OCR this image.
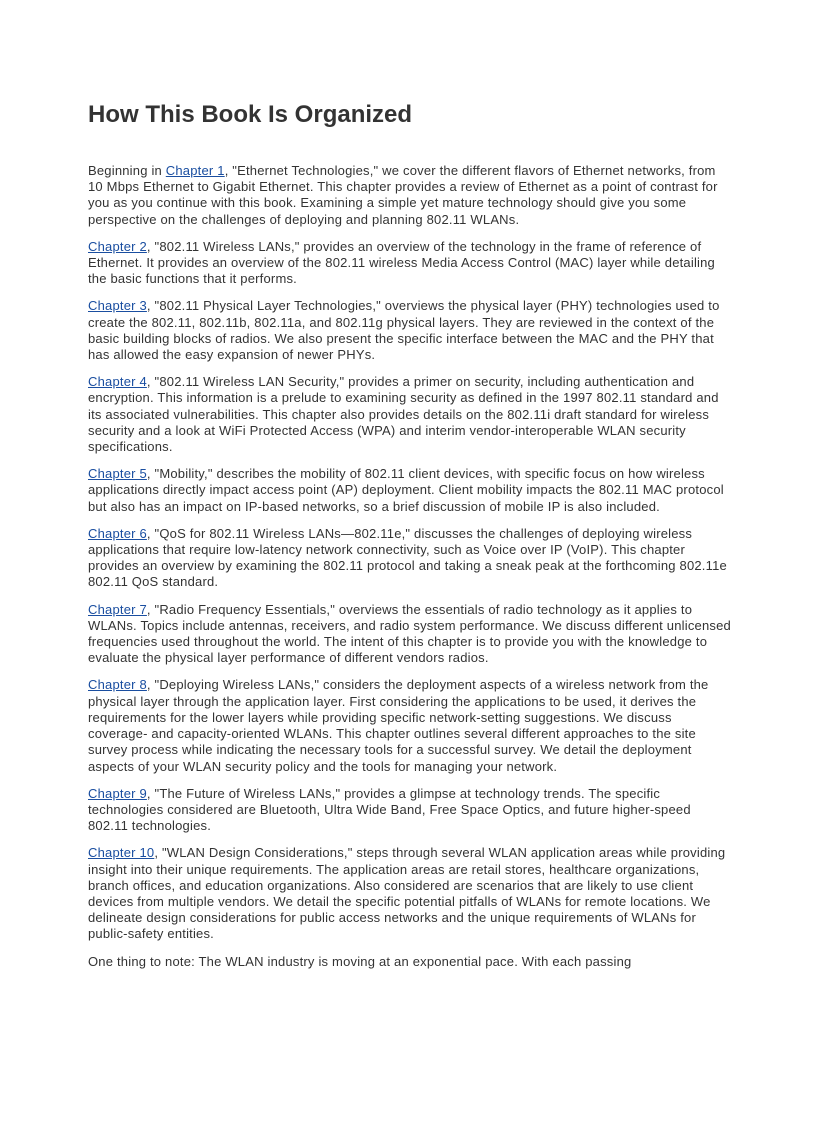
How This Book Is Organized

Beginning in Chapter 1, "Ethernet Technologies," we cover the different flavors of Ethernet networks, from 10 Mbps Ethernet to Gigabit Ethernet. This chapter provides a review of Ethernet as a point of contrast for you as you continue with this book. Examining a simple yet mature technology should give you some perspective on the challenges of deploying and planning 802.11 WLANs.

Chapter 2, "802.11 Wireless LANs," provides an overview of the technology in the frame of reference of Ethernet. It provides an overview of the 802.11 wireless Media Access Control (MAC) layer while detailing the basic functions that it performs.

Chapter 3, "802.11 Physical Layer Technologies," overviews the physical layer (PHY) technologies used to create the 802.11, 802.11b, 802.11a, and 802.11g physical layers. They are reviewed in the context of the basic building blocks of radios. We also present the specific interface between the MAC and the PHY that has allowed the easy expansion of newer PHYs.

Chapter 4, "802.11 Wireless LAN Security," provides a primer on security, including authentication and encryption. This information is a prelude to examining security as defined in the 1997 802.11 standard and its associated vulnerabilities. This chapter also provides details on the 802.11i draft standard for wireless security and a look at WiFi Protected Access (WPA) and interim vendor-interoperable WLAN security specifications.

Chapter 5, "Mobility," describes the mobility of 802.11 client devices, with specific focus on how wireless applications directly impact access point (AP) deployment. Client mobility impacts the 802.11 MAC protocol but also has an impact on IP-based networks, so a brief discussion of mobile IP is also included.

Chapter 6, "QoS for 802.11 Wireless LANs—802.11e," discusses the challenges of deploying wireless applications that require low-latency network connectivity, such as Voice over IP (VoIP). This chapter provides an overview by examining the 802.11 protocol and taking a sneak peak at the forthcoming 802.11e 802.11 QoS standard.

Chapter 7, "Radio Frequency Essentials," overviews the essentials of radio technology as it applies to WLANs. Topics include antennas, receivers, and radio system performance. We discuss different unlicensed frequencies used throughout the world. The intent of this chapter is to provide you with the knowledge to evaluate the physical layer performance of different vendors radios.

Chapter 8, "Deploying Wireless LANs," considers the deployment aspects of a wireless network from the physical layer through the application layer. First considering the applications to be used, it derives the requirements for the lower layers while providing specific network-setting suggestions. We discuss coverage- and capacity-oriented WLANs. This chapter outlines several different approaches to the site survey process while indicating the necessary tools for a successful survey. We detail the deployment aspects of your WLAN security policy and the tools for managing your network.

Chapter 9, "The Future of Wireless LANs," provides a glimpse at technology trends. The specific technologies considered are Bluetooth, Ultra Wide Band, Free Space Optics, and future higher-speed 802.11 technologies.

Chapter 10, "WLAN Design Considerations," steps through several WLAN application areas while providing insight into their unique requirements. The application areas are retail stores, healthcare organizations, branch offices, and education organizations. Also considered are scenarios that are likely to use client devices from multiple vendors. We detail the specific potential pitfalls of WLANs for remote locations. We delineate design considerations for public access networks and the unique requirements of WLANs for public-safety entities.

One thing to note: The WLAN industry is moving at an exponential pace. With each passing
